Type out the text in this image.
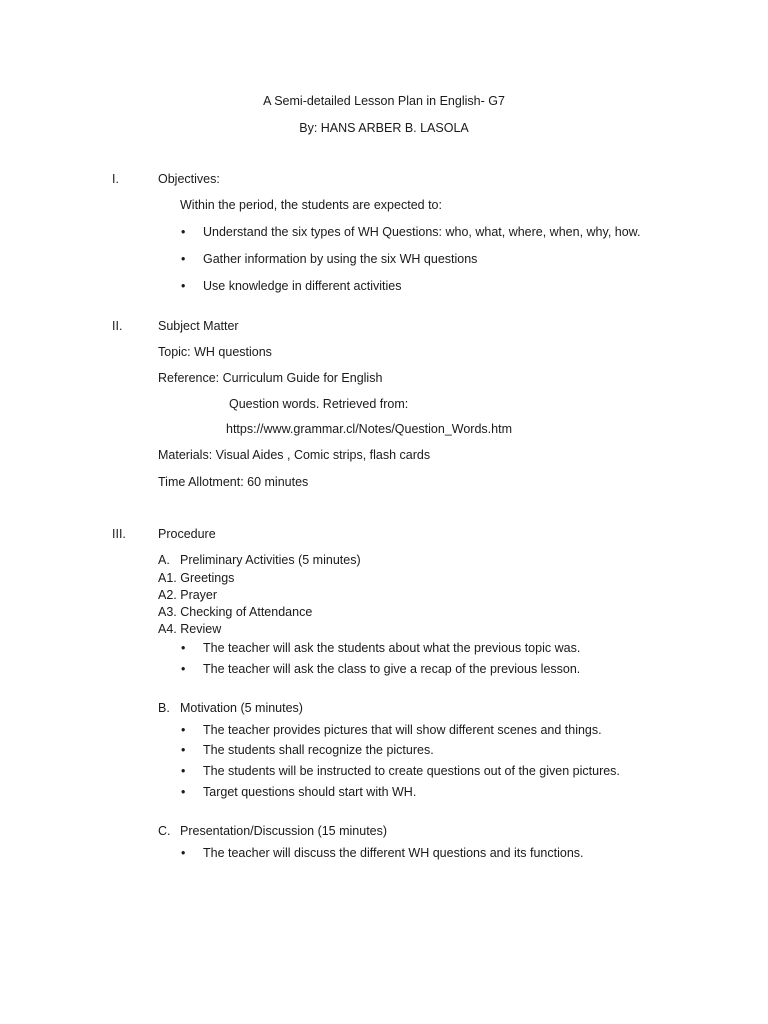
A Semi-detailed Lesson Plan in English- G7
By: HANS ARBER B. LASOLA
I.	Objectives:
Within the period, the students are expected to:
•
Understand the six types of WH Questions: who, what, where, when, why, how.
•
Gather information by using the six WH questions
•
Use knowledge in different activities
II.	Subject Matter
Topic: WH questions
Reference: Curriculum Guide for English
Question words. Retrieved from:
https://www.grammar.cl/Notes/Question_Words.htm
Materials: Visual Aides , Comic strips, flash cards
Time Allotment: 60 minutes
III.	Procedure
A. Preliminary Activities (5 minutes)
A1. Greetings
A2. Prayer
A3. Checking of Attendance
A4. Review
•
The teacher will ask the students about what the previous topic was.
•
The teacher will ask the class to give a recap of the previous lesson.
B. Motivation (5 minutes)
•
The teacher provides pictures that will show different scenes and things.
•
The students shall recognize the pictures.
•
The students will be instructed to create questions out of the given pictures.
•
Target questions should start with WH.
C. Presentation/Discussion (15 minutes)
•
The teacher will discuss the different WH questions and its functions.
